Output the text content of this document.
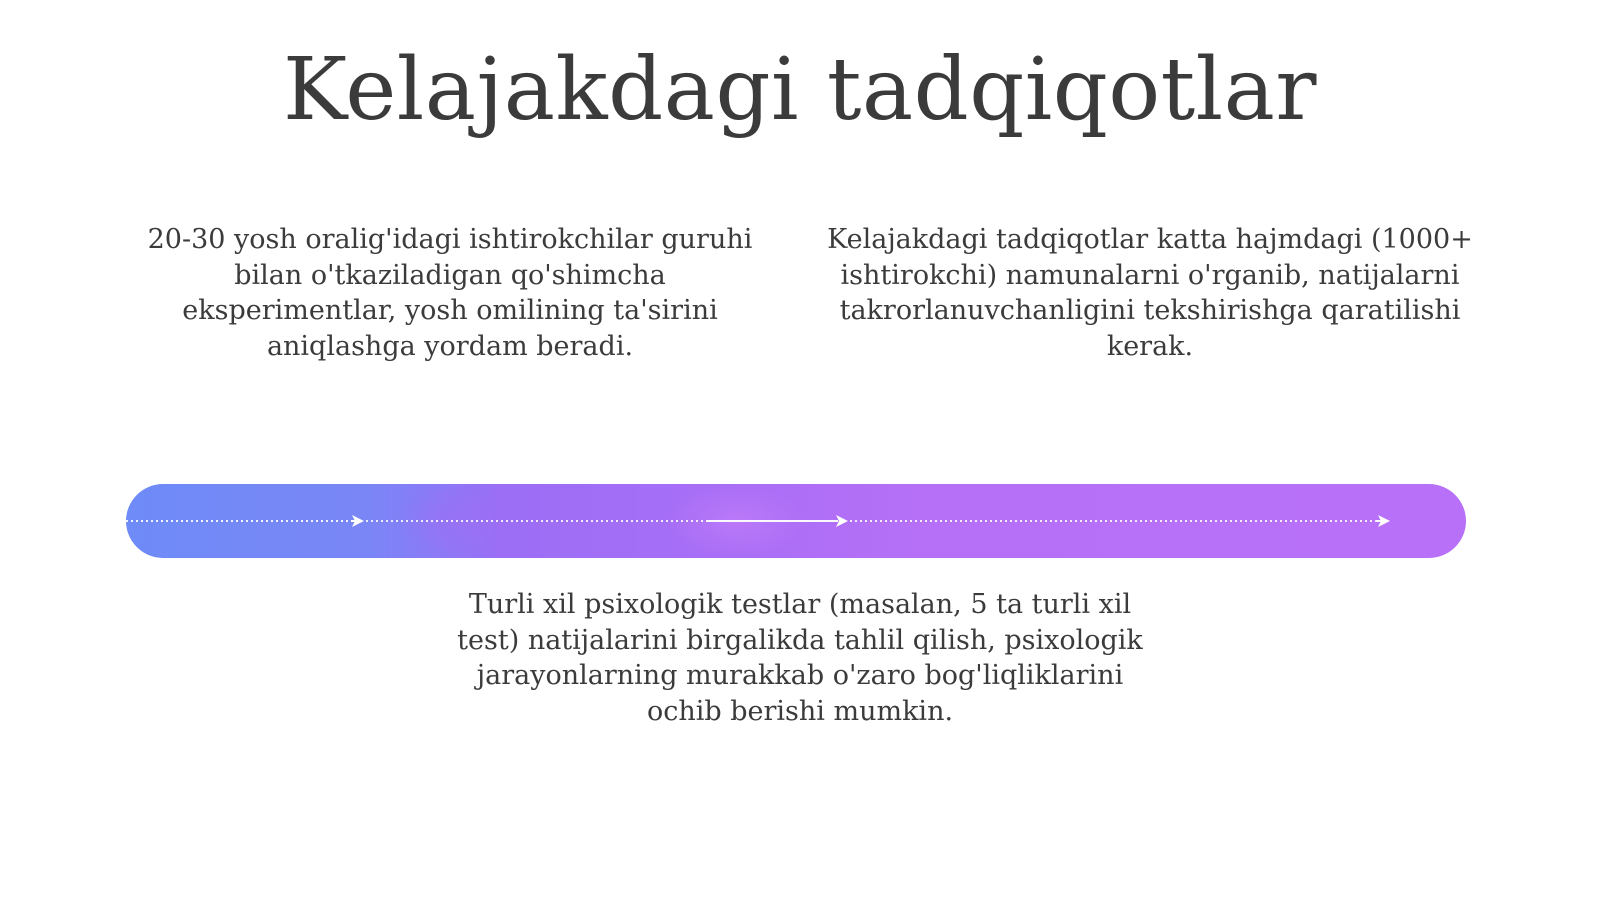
Kelajakdagi tadqiqotlar

20-30 yosh oralig'idagi ishtirokchilar guruhi bilan o'tkaziladigan qo'shimcha eksperimentlar, yosh omilining ta'sirini aniqlashga yordam beradi.

Kelajakdagi tadqiqotlar katta hajmdagi (1000+ ishtirokchi) namunalarni o'rganib, natijalarni takrorlanuvchanligini tekshirishga qaratilishi kerak.

Turli xil psixologik testlar (masalan, 5 ta turli xil test) natijalarini birgalikda tahlil qilish, psixologik jarayonlarning murakkab o'zaro bog'liqliklarini ochib berishi mumkin.
